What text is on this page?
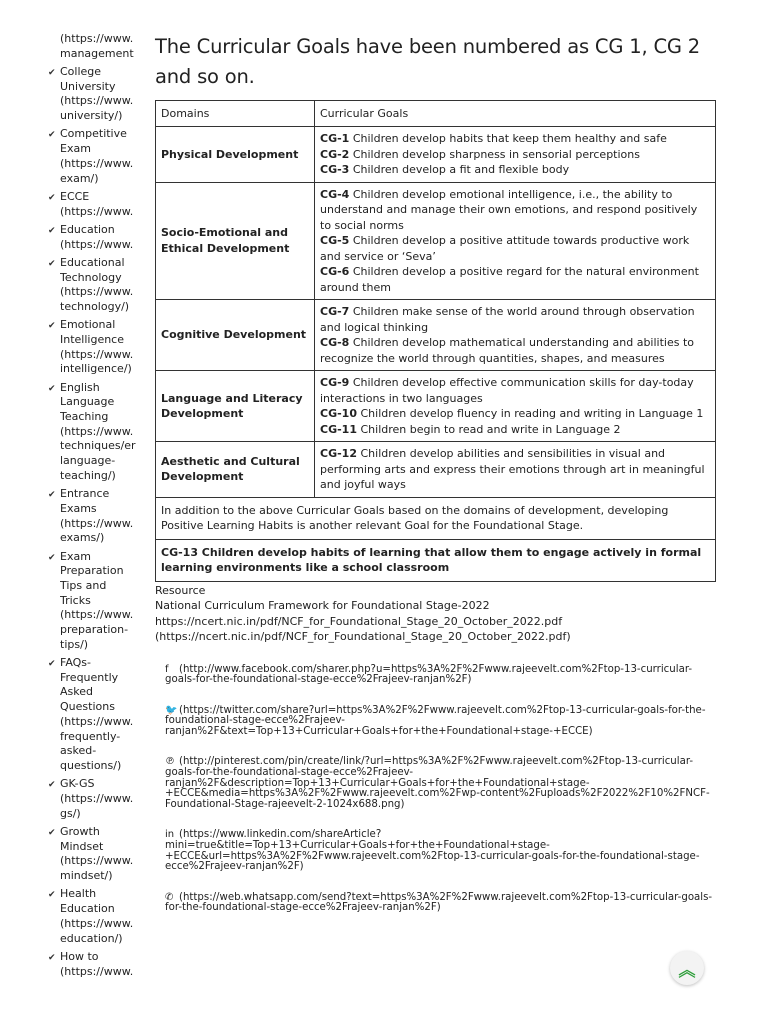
(https://www.
management
✔ College
University
(https://www.
university/)
✔ Competitive
Exam
(https://www.
exam/)
✔ ECCE
(https://www.
✔ Education
(https://www.
✔ Educational
Technology
(https://www.
technology/)
✔ Emotional
Intelligence
(https://www.
intelligence/)
✔ English
Language
Teaching
(https://www.
techniques/er
language-
teaching/)
✔ Entrance
Exams
(https://www.
exams/)
✔ Exam
Preparation
Tips and
Tricks
(https://www.
preparation-
tips/)
✔ FAQs-
Frequently
Asked
Questions
(https://www.
frequently-
asked-
questions/)
✔ GK-GS
(https://www.
gs/)
✔ Growth
Mindset
(https://www.
mindset/)
✔ Health
Education
(https://www.
education/)
✔ How to
(https://www.
The Curricular Goals have been numbered as CG 1, CG 2 and so on.
Domains	Curricular Goals
Physical Development	CG-1 Children develop habits that keep them healthy and safe
CG-2 Children develop sharpness in sensorial perceptions
CG-3 Children develop a fit and flexible body

Socio-Emotional and Ethical Development	CG-4 Children develop emotional intelligence, i.e., the ability to understand and manage their own emotions, and respond positively to social norms
CG-5 Children develop a positive attitude towards productive work and service or ‘Seva’
CG-6 Children develop a positive regard for the natural environment around them

Cognitive Development	CG-7 Children make sense of the world around through observation and logical thinking
CG-8 Children develop mathematical understanding and abilities to recognize the world through quantities, shapes, and measures

Language and Literacy Development	CG-9 Children develop effective communication skills for day-today interactions in two languages
CG-10 Children develop fluency in reading and writing in Language 1
CG-11 Children begin to read and write in Language 2

Aesthetic and Cultural Development	CG-12 Children develop abilities and sensibilities in visual and performing arts and express their emotions through art in meaningful and joyful ways

In addition to the above Curricular Goals based on the domains of development, developing Positive Learning Habits is another relevant Goal for the Foundational Stage.	
CG-13 Children develop habits of learning that allow them to engage actively in formal learning environments like a school classroom	
Resource
National Curriculum Framework for Foundational Stage-2022
https://ncert.nic.in/pdf/NCF_for_Foundational_Stage_20_October_2022.pdf
(https://ncert.nic.in/pdf/NCF_for_Foundational_Stage_20_October_2022.pdf)
f (http://www.facebook.com/sharer.php?u=https%3A%2F%2Fwww.rajeevelt.com%2Ftop-13-curricular-goals-for-the-foundational-stage-ecce%2Frajeev-ranjan%2F)
🐦 (https://twitter.com/share?url=https%3A%2F%2Fwww.rajeevelt.com%2Ftop-13-curricular-goals-for-the-foundational-stage-ecce%2Frajeev-ranjan%2F&text=Top+13+Curricular+Goals+for+the+Foundational+stage-+ECCE)
℗ (http://pinterest.com/pin/create/link/?url=https%3A%2F%2Fwww.rajeevelt.com%2Ftop-13-curricular-goals-for-the-foundational-stage-ecce%2Frajeev-ranjan%2F&description=Top+13+Curricular+Goals+for+the+Foundational+stage-+ECCE&media=https%3A%2F%2Fwww.rajeevelt.com%2Fwp-content%2Fuploads%2F2022%2F10%2FNCF-Foundational-Stage-rajeevelt-2-1024x688.png)
in (https://www.linkedin.com/shareArticle?mini=true&title=Top+13+Curricular+Goals+for+the+Foundational+stage-+ECCE&url=https%3A%2F%2Fwww.rajeevelt.com%2Ftop-13-curricular-goals-for-the-foundational-stage-ecce%2Frajeev-ranjan%2F)
✆ (https://web.whatsapp.com/send?text=https%3A%2F%2Fwww.rajeevelt.com%2Ftop-13-curricular-goals-for-the-foundational-stage-ecce%2Frajeev-ranjan%2F)
︽
